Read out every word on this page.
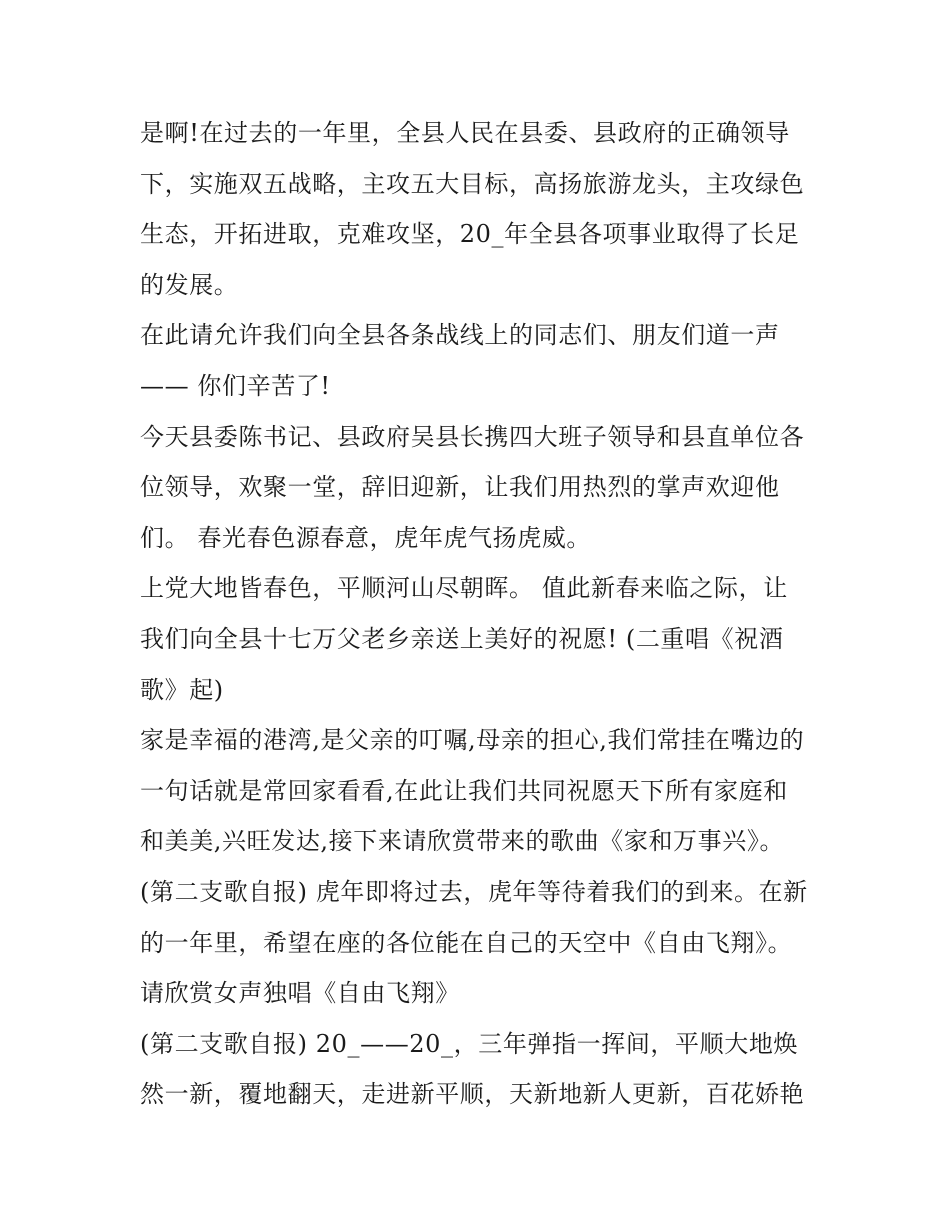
是啊!在过去的一年里，全县人民在县委、县政府的正确领导
下，实施双五战略，主攻五大目标，高扬旅游龙头，主攻绿色
生态，开拓进取，克难攻坚，20_年全县各项事业取得了长足
的发展。
在此请允许我们向全县各条战线上的同志们、朋友们道一声
—— 你们辛苦了!
今天县委陈书记、县政府吴县长携四大班子领导和县直单位各
位领导，欢聚一堂，辞旧迎新，让我们用热烈的掌声欢迎他
们。 春光春色源春意，虎年虎气扬虎威。
上党大地皆春色，平顺河山尽朝晖。 值此新春来临之际，让
我们向全县十七万父老乡亲送上美好的祝愿! (二重唱《祝酒
歌》起)
家是幸福的港湾,是父亲的叮嘱,母亲的担心,我们常挂在嘴边的
一句话就是常回家看看,在此让我们共同祝愿天下所有家庭和
和美美,兴旺发达,接下来请欣赏带来的歌曲《家和万事兴》。
(第二支歌自报) 虎年即将过去，虎年等待着我们的到来。在新
的一年里，希望在座的各位能在自己的天空中《自由飞翔》。
请欣赏女声独唱《自由飞翔》
(第二支歌自报) 20_——20_，三年弹指一挥间，平顺大地焕
然一新，覆地翻天，走进新平顺，天新地新人更新，百花娇艳
